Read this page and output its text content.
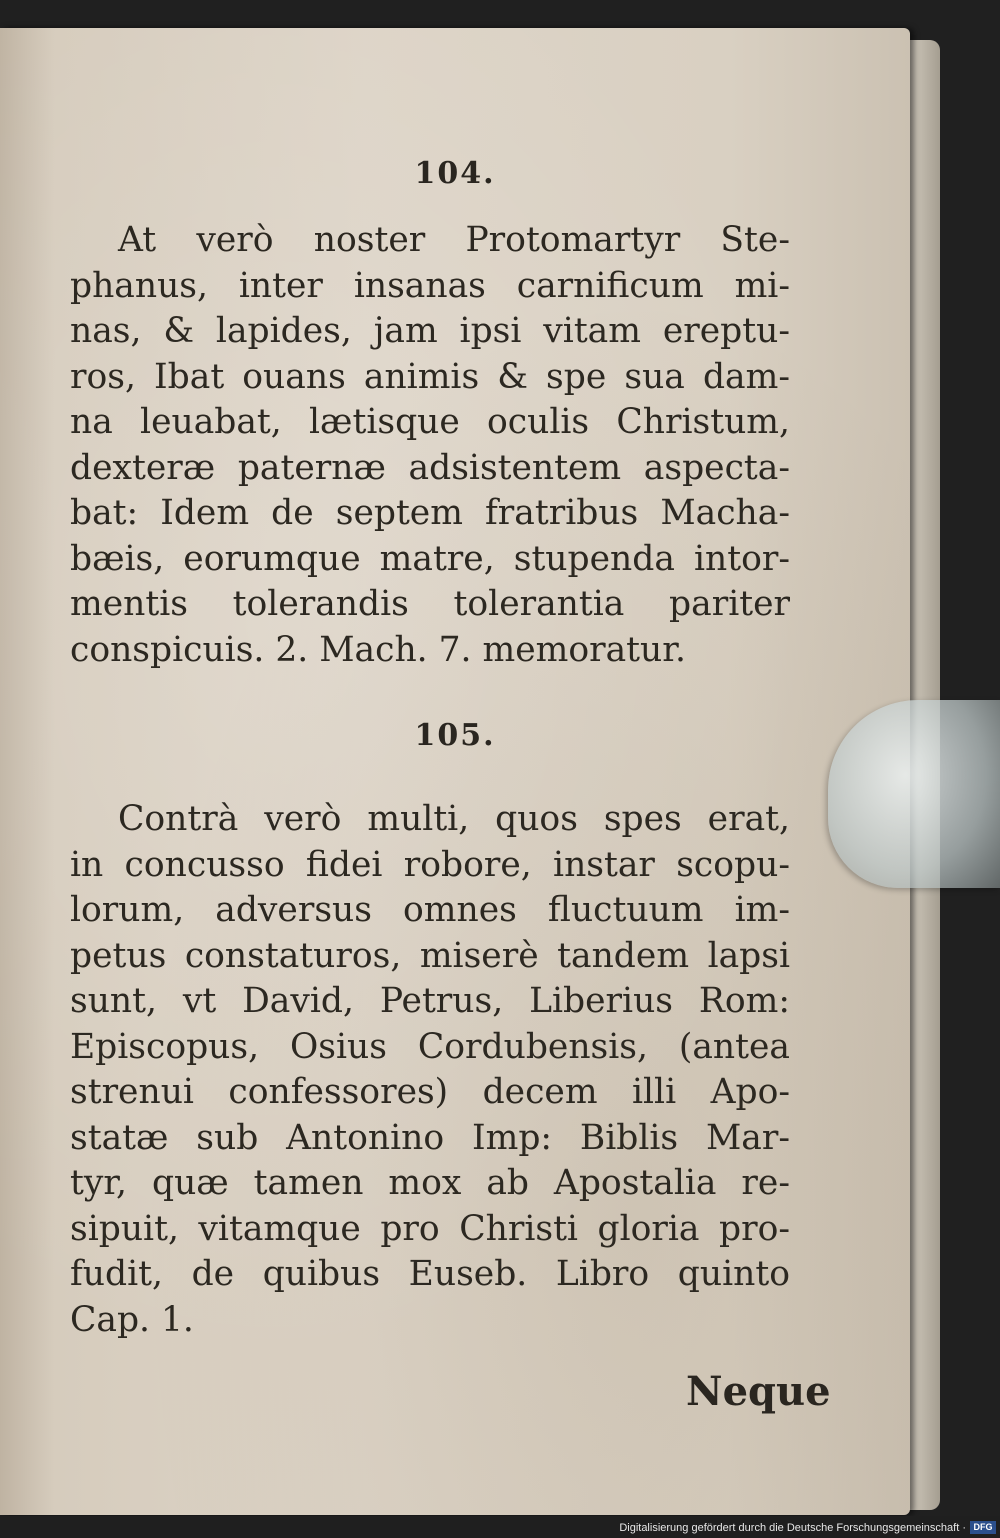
104.

At verò noster Protomartyr Ste-
phanus, inter insanas carnificum mi-
nas, & lapides, jam ipsi vitam ereptu-
ros, Ibat ouans animis & spe sua dam-
na leuabat, lætisque oculis Christum,
dexteræ paternæ adsistentem aspecta-
bat: Idem de septem fratribus Macha-
bæis, eorumque matre, stupenda intor-
mentis tolerandis tolerantia pariter
conspicuis. 2. Mach. 7. memoratur.

105.

Contrà verò multi, quos spes erat,
in concusso fidei robore, instar scopu-
lorum, adversus omnes fluctuum im-
petus constaturos, miserè tandem lapsi
sunt, vt David, Petrus, Liberius Rom:
Episcopus, Osius Cordubensis, (antea
strenui confessores) decem illi Apo-
statæ sub Antonino Imp: Biblis Mar-
tyr, quæ tamen mox ab Apostalia re-
sipuit, vitamque pro Christi gloria pro-
fudit, de quibus Euseb. Libro quinto
Cap. 1.

Neque
Digitalisierung gefördert durch die Deutsche Forschungsgemeinschaft · DFG
